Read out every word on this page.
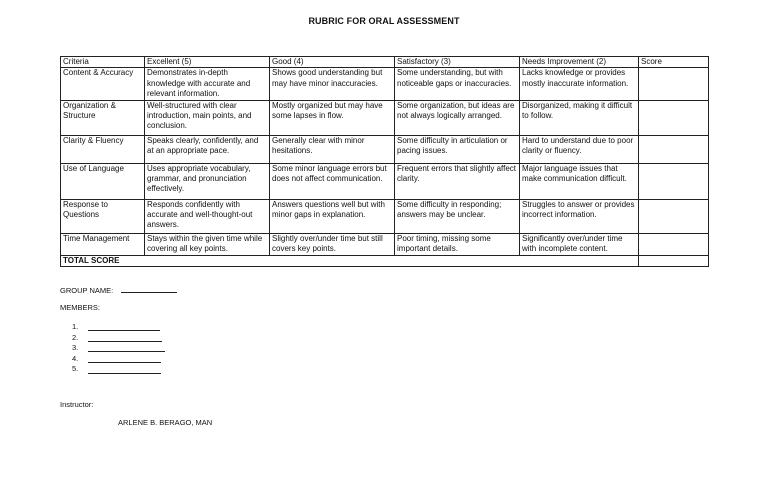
RUBRIC FOR ORAL ASSESSMENT
Criteria	Excellent (5)	Good (4)	Satisfactory (3)	Needs Improvement (2)	Score
Content & Accuracy	Demonstrates in-depth knowledge with accurate and relevant information.	Shows good understanding but may have minor inaccuracies.	Some understanding, but with noticeable gaps or inaccuracies.	Lacks knowledge or provides mostly inaccurate information.	
Organization & Structure	Well-structured with clear introduction, main points, and conclusion.	Mostly organized but may have some lapses in flow.	Some organization, but ideas are not always logically arranged.	Disorganized, making it difficult to follow.	
Clarity & Fluency	Speaks clearly, confidently, and at an appropriate pace.	Generally clear with minor hesitations.	Some difficulty in articulation or pacing issues.	Hard to understand due to poor clarity or fluency.	
Use of Language	Uses appropriate vocabulary, grammar, and pronunciation effectively.	Some minor language errors but does not affect communication.	Frequent errors that slightly affect clarity.	Major language issues that make communication difficult.	
Response to Questions	Responds confidently with accurate and well-thought-out answers.	Answers questions well but with minor gaps in explanation.	Some difficulty in responding; answers may be unclear.	Struggles to answer or provides incorrect information.	
Time Management	Stays within the given time while covering all key points.	Slightly over/under time but still covers key points.	Poor timing, missing some important details.	Significantly over/under time with incomplete content.	
TOTAL SCORE					
GROUP NAME:
MEMBERS:
1.
2.
3.
4.
5.
Instructor:
ARLENE B. BERAGO, MAN
